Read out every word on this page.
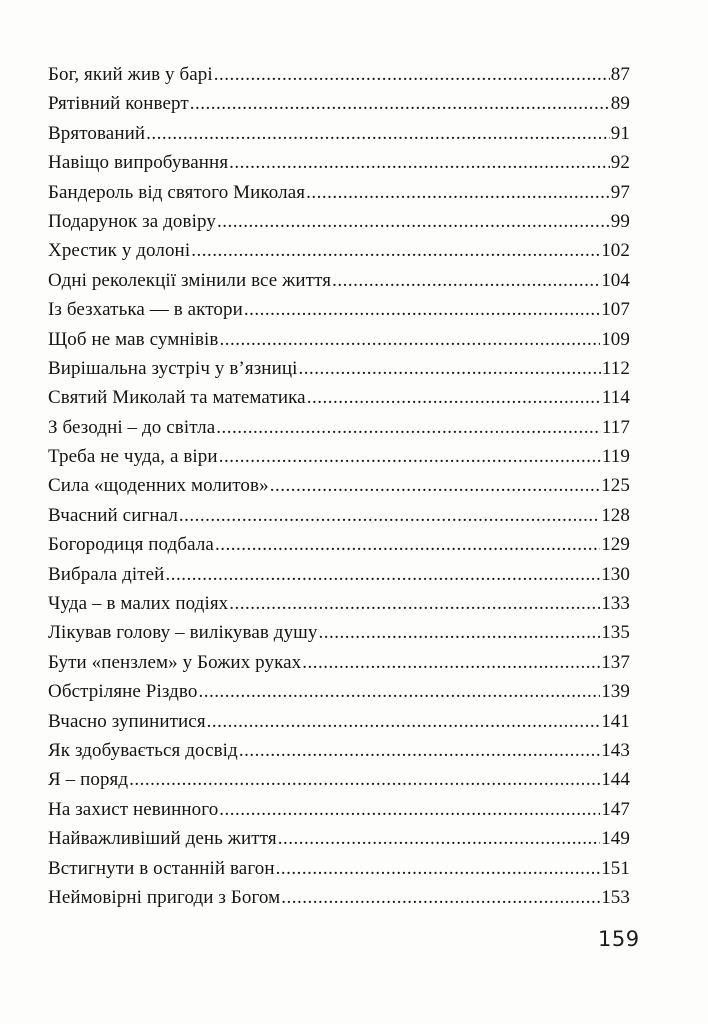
Бог, який жив у барі .....	87
Рятівний конверт .....	89
Врятований .....	91
Навіщо випробування .....	92
Бандероль від святого Миколая .....	97
Подарунок за довіру .....	99
Хрестик у долоні .....	102
Одні реколекції змінили все життя .....	104
Із безхатька — в актори .....	107
Щоб не мав сумнівів .....	109
Вирішальна зустріч у в’язниці .....	112
Святий Миколай та математика .....	114
З безодні – до світла .....	117
Треба не чуда, а віри .....	119
Сила «щоденних молитов» .....	125
Вчасний сигнал .....	128
Богородиця подбала .....	129
Вибрала дітей .....	130
Чуда – в малих подіях .....	133
Лікував голову – вилікував душу .....	135
Бути «пензлем» у Божих руках .....	137
Обстріляне Різдво .....	139
Вчасно зупинитися .....	141
Як здобувається досвід .....	143
Я – поряд .....	144
На захист невинного .....	147
Найважливіший день життя .....	149
Встигнути в останній вагон .....	151
Неймовірні пригоди з Богом .....	153
159
